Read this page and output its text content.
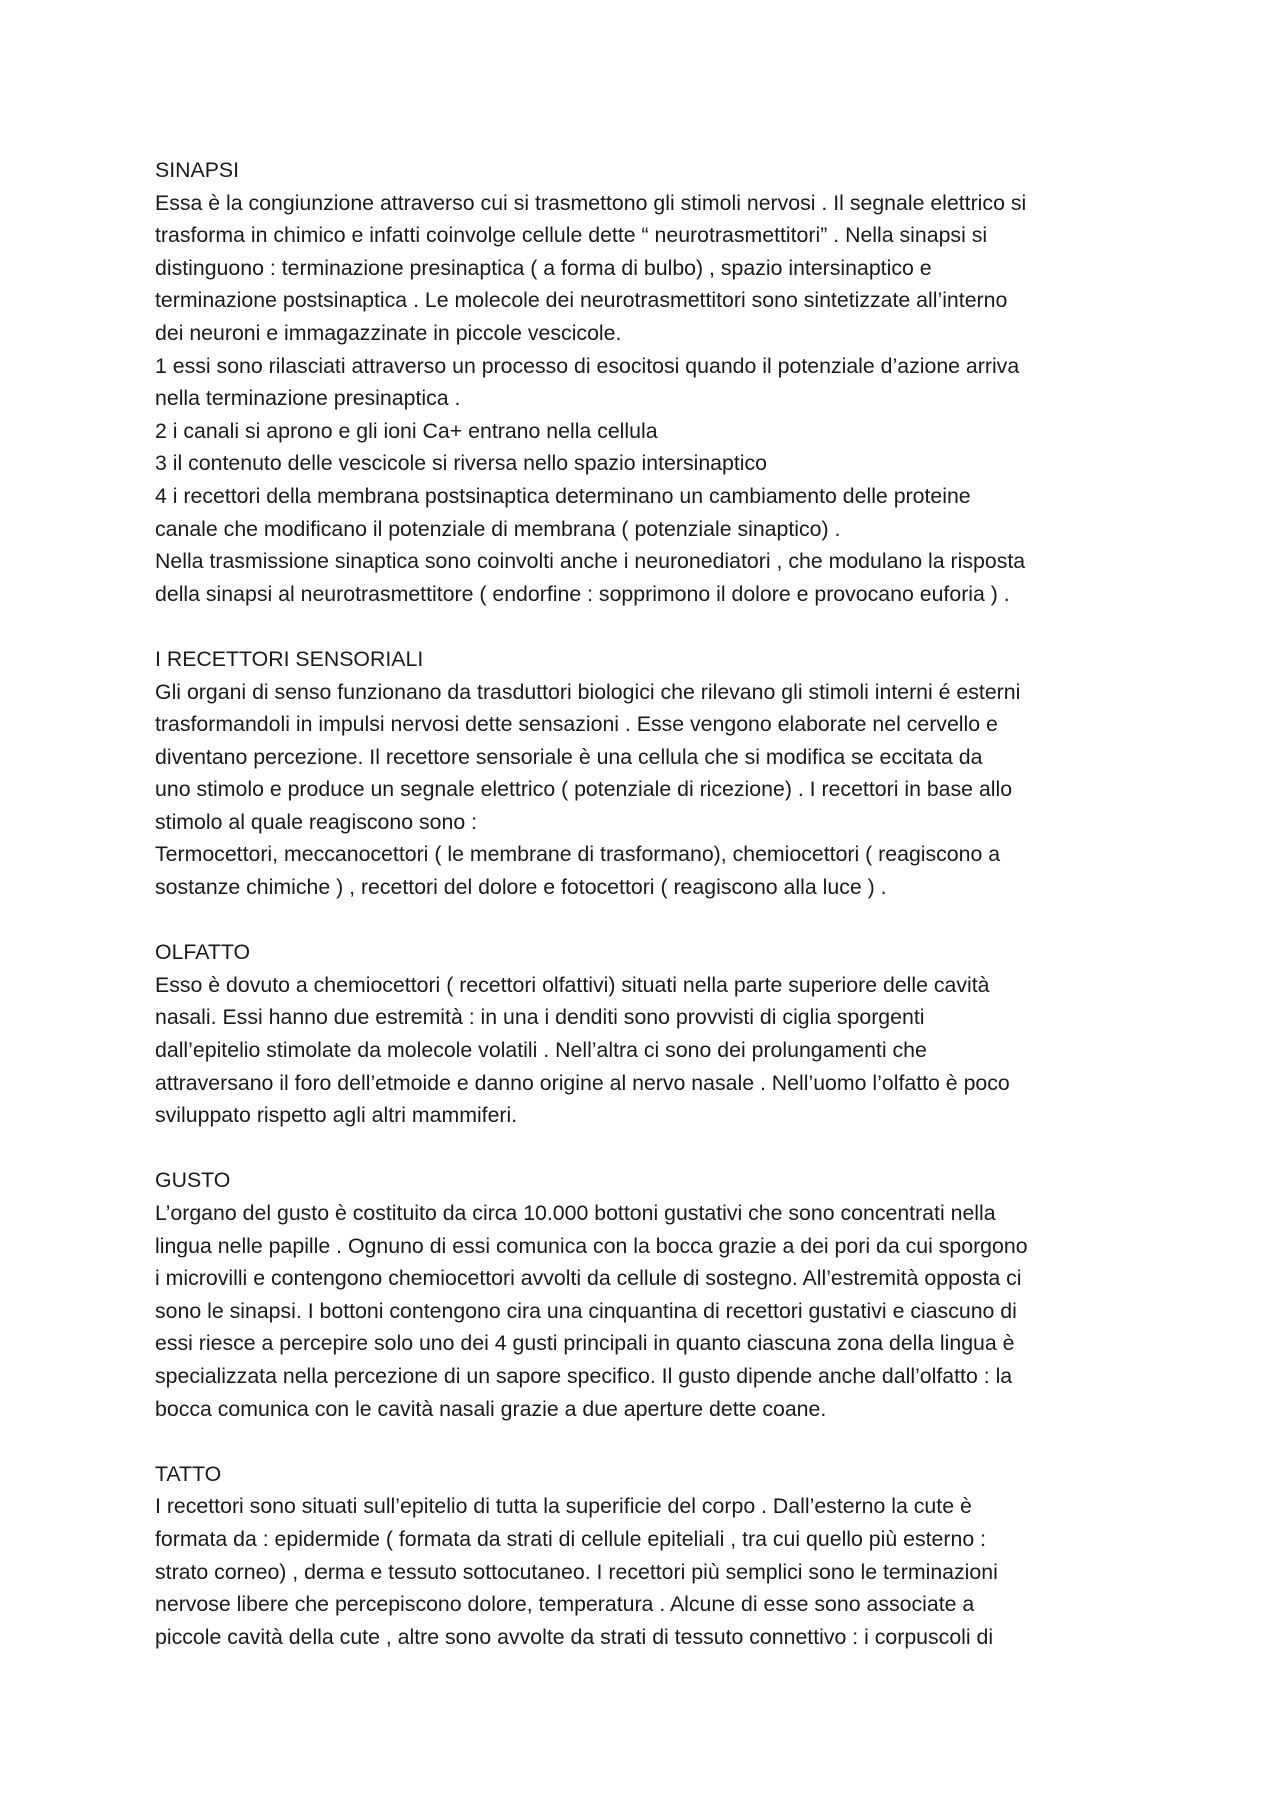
SINAPSI
Essa è la congiunzione attraverso cui si trasmettono gli stimoli nervosi . Il segnale elettrico si
trasforma in chimico e infatti coinvolge cellule dette “ neurotrasmettitori” . Nella sinapsi si
distinguono : terminazione presinaptica ( a forma di bulbo) , spazio intersinaptico e
terminazione postsinaptica . Le molecole dei neurotrasmettitori sono sintetizzate all’interno
dei neuroni e immagazzinate in piccole vescicole.
1 essi sono rilasciati attraverso un processo di esocitosi quando il potenziale d’azione arriva
nella terminazione presinaptica .
2 i canali si aprono e gli ioni Ca+ entrano nella cellula
3 il contenuto delle vescicole si riversa nello spazio intersinaptico
4 i recettori della membrana postsinaptica determinano un cambiamento delle proteine
canale che modificano il potenziale di membrana ( potenziale sinaptico) .
Nella trasmissione sinaptica sono coinvolti anche i neuronediatori , che modulano la risposta
della sinapsi al neurotrasmettitore ( endorfine : sopprimono il dolore e provocano euforia ) .
I RECETTORI SENSORIALI
Gli organi di senso funzionano da trasduttori biologici che rilevano gli stimoli interni é esterni
trasformandoli in impulsi nervosi dette sensazioni . Esse vengono elaborate nel cervello e
diventano percezione. Il recettore sensoriale è una cellula che si modifica se eccitata da
uno stimolo e produce un segnale elettrico ( potenziale di ricezione) . I recettori in base allo
stimolo al quale reagiscono sono :
Termocettori, meccanocettori ( le membrane di trasformano), chemiocettori ( reagiscono a
sostanze chimiche ) , recettori del dolore e fotocettori ( reagiscono alla luce ) .
OLFATTO
Esso è dovuto a chemiocettori ( recettori olfattivi) situati nella parte superiore delle cavità
nasali. Essi hanno due estremità : in una i denditi sono provvisti di ciglia sporgenti
dall’epitelio stimolate da molecole volatili . Nell’altra ci sono dei prolungamenti che
attraversano il foro dell’etmoide e danno origine al nervo nasale . Nell’uomo l’olfatto è poco
sviluppato rispetto agli altri mammiferi.
GUSTO
L’organo del gusto è costituito da circa 10.000 bottoni gustativi che sono concentrati nella
lingua nelle papille . Ognuno di essi comunica con la bocca grazie a dei pori da cui sporgono
i microvilli e contengono chemiocettori avvolti da cellule di sostegno. All’estremità opposta ci
sono le sinapsi. I bottoni contengono cira una cinquantina di recettori gustativi e ciascuno di
essi riesce a percepire solo uno dei 4 gusti principali in quanto ciascuna zona della lingua è
specializzata nella percezione di un sapore specifico. Il gusto dipende anche dall’olfatto : la
bocca comunica con le cavità nasali grazie a due aperture dette coane.
TATTO
I recettori sono situati sull’epitelio di tutta la superificie del corpo . Dall’esterno la cute è
formata da : epidermide ( formata da strati di cellule epiteliali , tra cui quello più esterno :
strato corneo) , derma e tessuto sottocutaneo. I recettori più semplici sono le terminazioni
nervose libere che percepiscono dolore, temperatura . Alcune di esse sono associate a
piccole cavità della cute , altre sono avvolte da strati di tessuto connettivo : i corpuscoli di
